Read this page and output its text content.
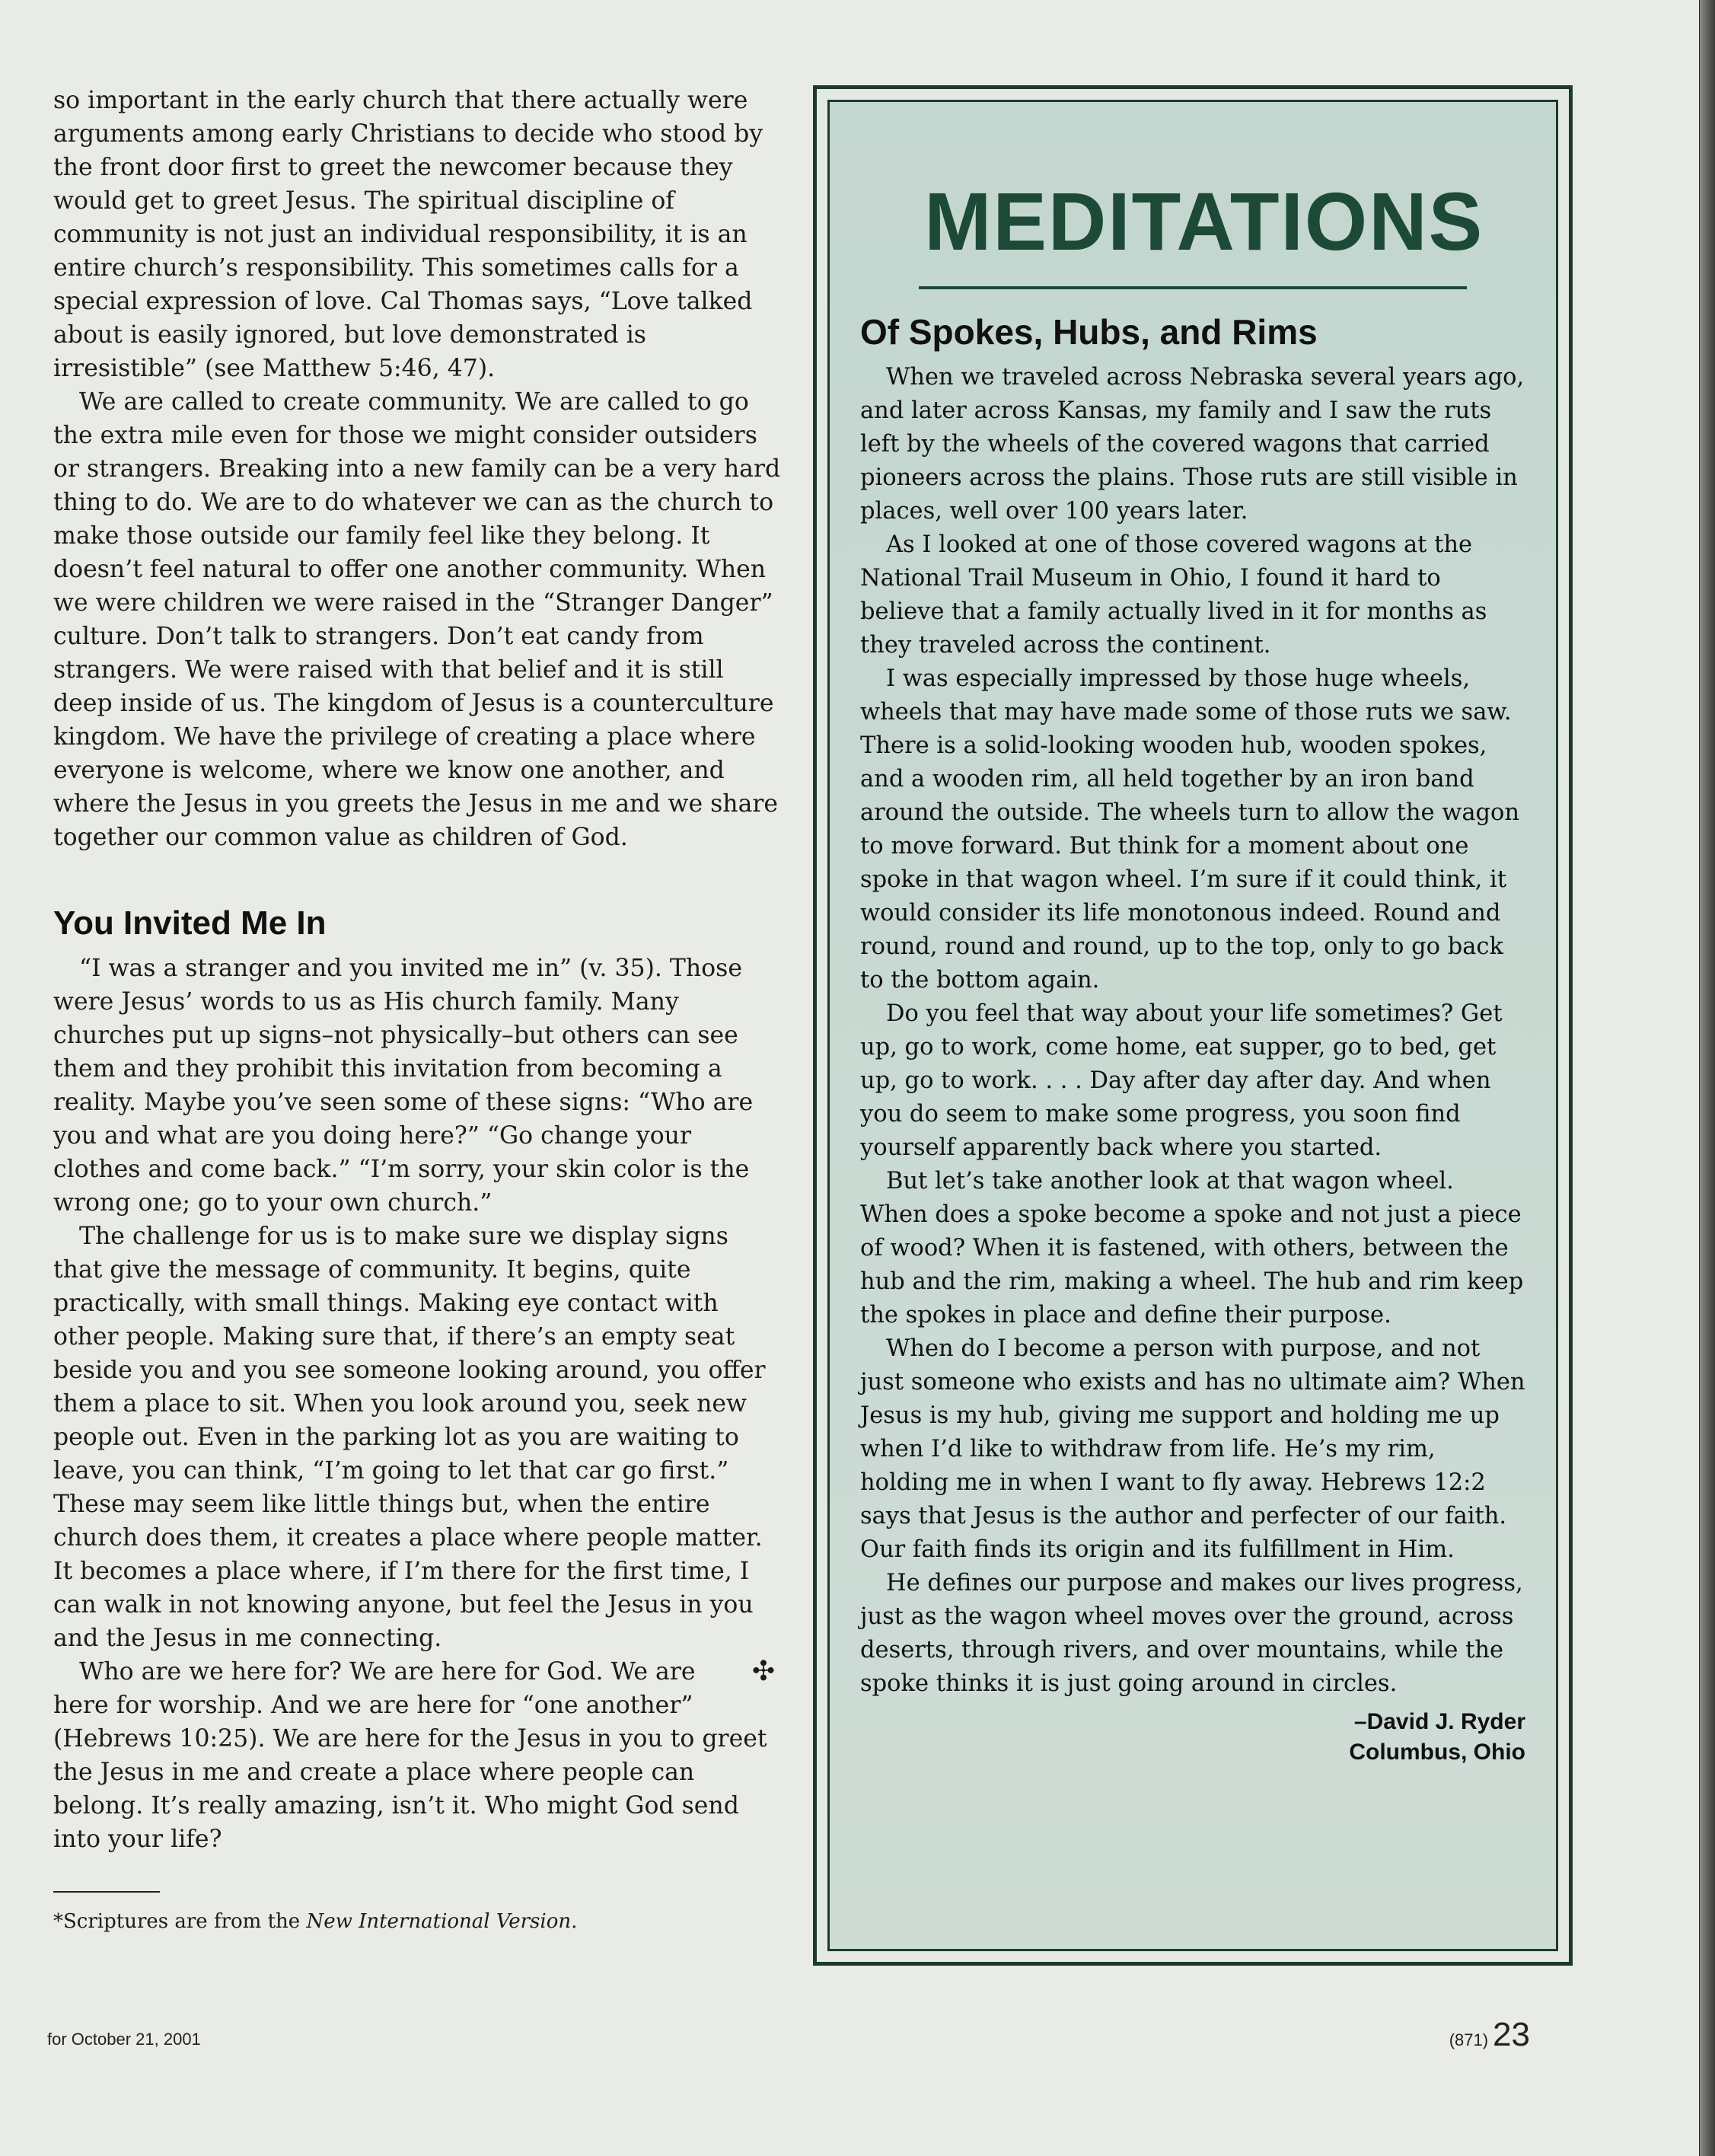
so important in the early church that there actually were arguments among early Christians to decide who stood by the front door first to greet the newcomer because they would get to greet Jesus. The spiritual discipline of community is not just an individual responsibility, it is an entire church’s responsibility. This sometimes calls for a special expression of love. Cal Thomas says, “Love talked about is easily ignored, but love demonstrated is irresistible” (see Matthew 5:46, 47).

We are called to create community. We are called to go the extra mile even for those we might consider outsiders or strangers. Breaking into a new family can be a very hard thing to do. We are to do whatever we can as the church to make those outside our family feel like they belong. It doesn’t feel natural to offer one another community. When we were children we were raised in the “Stranger Danger” culture. Don’t talk to strangers. Don’t eat candy from strangers. We were raised with that belief and it is still deep inside of us. The kingdom of Jesus is a counterculture kingdom. We have the privilege of creating a place where everyone is welcome, where we know one another, and where the Jesus in you greets the Jesus in me and we share together our common value as children of God.

You Invited Me In

“I was a stranger and you invited me in” (v. 35). Those were Jesus’ words to us as His church family. Many churches put up signs–not physically–but others can see them and they prohibit this invitation from becoming a reality. Maybe you’ve seen some of these signs: “Who are you and what are you doing here?” “Go change your clothes and come back.” “I’m sorry, your skin color is the wrong one; go to your own church.”

The challenge for us is to make sure we display signs that give the message of community. It begins, quite practically, with small things. Making eye contact with other people. Making sure that, if there’s an empty seat beside you and you see someone looking around, you offer them a place to sit. When you look around you, seek new people out. Even in the parking lot as you are waiting to leave, you can think, “I’m going to let that car go first.” These may seem like little things but, when the entire church does them, it creates a place where people matter. It becomes a place where, if I’m there for the first time, I can walk in not knowing anyone, but feel the Jesus in you and the Jesus in me connecting.

✣
Who are we here for? We are here for God. We are here for worship. And we are here for “one another” (Hebrews 10:25). We are here for the Jesus in you to greet the Jesus in me and create a place where people can belong. It’s really amazing, isn’t it. Who might God send into your life?

*Scriptures are from the New International Version.

MEDITATIONS
Of Spokes, Hubs, and Rims

When we traveled across Nebraska several years ago, and later across Kansas, my family and I saw the ruts left by the wheels of the covered wagons that carried pioneers across the plains. Those ruts are still visible in places, well over 100 years later.

As I looked at one of those covered wagons at the National Trail Museum in Ohio, I found it hard to believe that a family actually lived in it for months as they traveled across the continent.

I was especially impressed by those huge wheels, wheels that may have made some of those ruts we saw. There is a solid-looking wooden hub, wooden spokes, and a wooden rim, all held together by an iron band around the outside. The wheels turn to allow the wagon to move forward. But think for a moment about one spoke in that wagon wheel. I’m sure if it could think, it would consider its life monotonous indeed. Round and round, round and round, up to the top, only to go back to the bottom again.

Do you feel that way about your life sometimes? Get up, go to work, come home, eat supper, go to bed, get up, go to work. . . . Day after day after day. And when you do seem to make some progress, you soon find yourself apparently back where you started.

But let’s take another look at that wagon wheel. When does a spoke become a spoke and not just a piece of wood? When it is fastened, with others, between the hub and the rim, making a wheel. The hub and rim keep the spokes in place and define their purpose.

When do I become a person with purpose, and not just someone who exists and has no ultimate aim? When Jesus is my hub, giving me support and holding me up when I’d like to withdraw from life. He’s my rim, holding me in when I want to fly away. Hebrews 12:2 says that Jesus is the author and perfecter of our faith. Our faith finds its origin and its fulfillment in Him.

He defines our purpose and makes our lives progress, just as the wagon wheel moves over the ground, across deserts, through rivers, and over mountains, while the spoke thinks it is just going around in circles.

–David J. Ryder
Columbus, Ohio
for October 21, 2001	(871) 23
